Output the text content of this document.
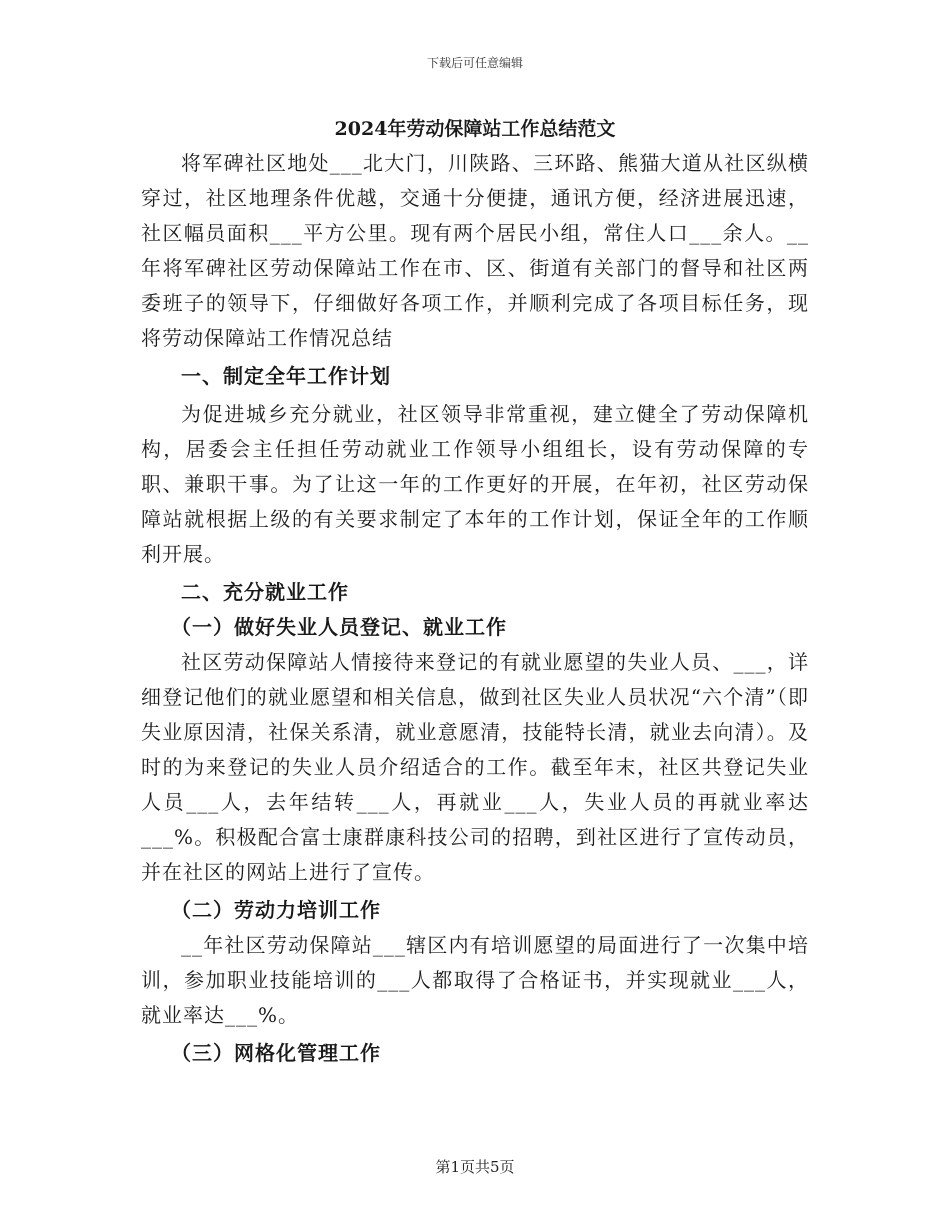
下载后可任意编辑
2024年劳动保障站工作总结范文

将军碑社区地处___北大门，川陕路、三环路、熊猫大道从社区纵横穿过，社区地理条件优越，交通十分便捷，通讯方便，经济进展迅速，社区幅员面积___平方公里。现有两个居民小组，常住人口___余人。__年将军碑社区劳动保障站工作在市、区、街道有关部门的督导和社区两委班子的领导下，仔细做好各项工作，并顺利完成了各项目标任务，现将劳动保障站工作情况总结

一、制定全年工作计划

为促进城乡充分就业，社区领导非常重视，建立健全了劳动保障机构，居委会主任担任劳动就业工作领导小组组长，设有劳动保障的专职、兼职干事。为了让这一年的工作更好的开展，在年初，社区劳动保障站就根据上级的有关要求制定了本年的工作计划，保证全年的工作顺利开展。

二、充分就业工作
（一）做好失业人员登记、就业工作

社区劳动保障站人情接待来登记的有就业愿望的失业人员、___，详细登记他们的就业愿望和相关信息，做到社区失业人员状况“六个清”（即失业原因清，社保关系清，就业意愿清，技能特长清，就业去向清）。及时的为来登记的失业人员介绍适合的工作。截至年末，社区共登记失业人员___人，去年结转___人，再就业___人，失业人员的再就业率达___%。积极配合富士康群康科技公司的招聘，到社区进行了宣传动员，并在社区的网站上进行了宣传。

（二）劳动力培训工作

__年社区劳动保障站___辖区内有培训愿望的局面进行了一次集中培训，参加职业技能培训的___人都取得了合格证书，并实现就业___人，就业率达___%。

（三）网格化管理工作
第1页共5页
